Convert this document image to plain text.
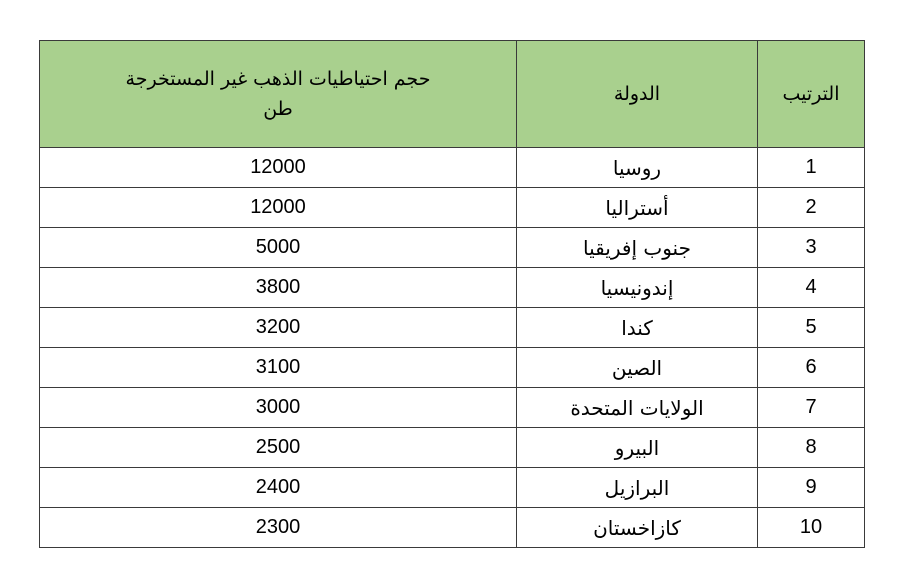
الترتيب	الدولة	حجم احتياطيات الذهب غير المستخرجة
طن

1	روسيا	12000
2	أستراليا	12000
3	جنوب إفريقيا	5000
4	إندونيسيا	3800
5	كندا	3200
6	الصين	3100
7	الولايات المتحدة	3000
8	البيرو	2500
9	البرازيل	2400
10	كازاخستان	2300
